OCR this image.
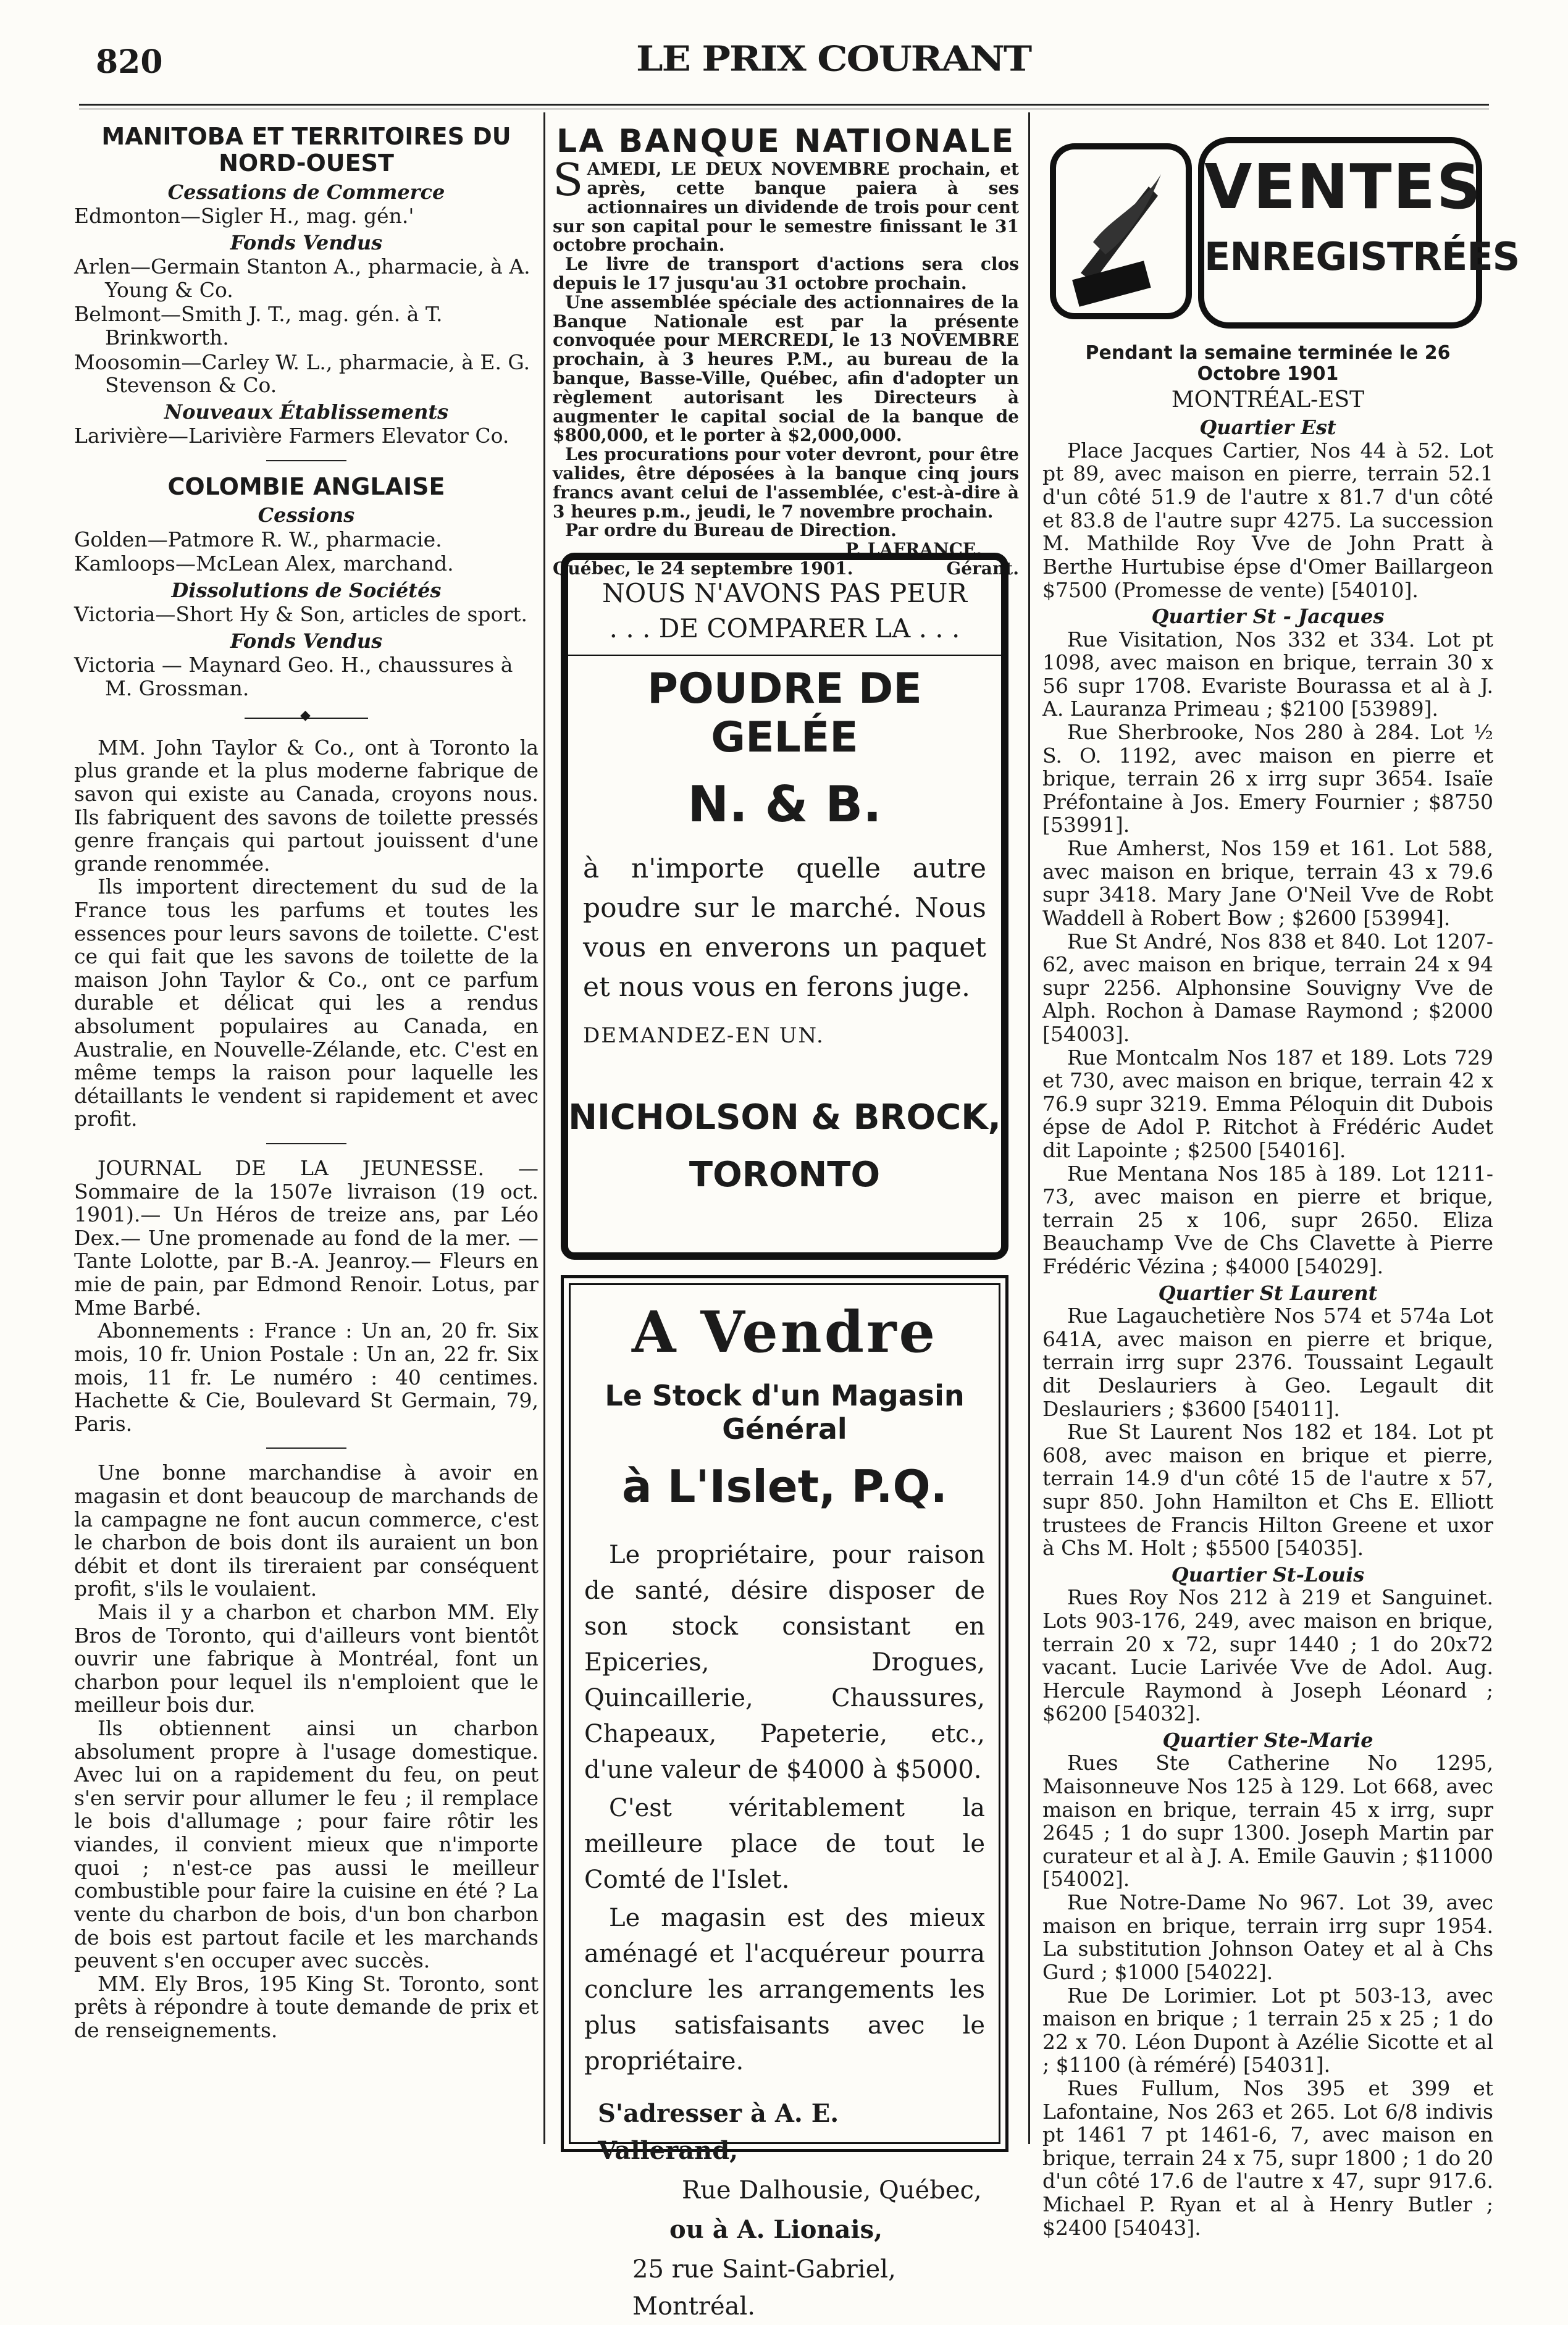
820	LE PRIX COURANT
MANITOBA ET TERRITOIRES DU
NORD-OUEST
Cessations de Commerce
Edmonton—Sigler H., mag. gén.'
Fonds Vendus
Arlen—Germain Stanton A., pharmacie, à A. Young & Co.
Belmont—Smith J. T., mag. gén. à T. Brinkworth.
Moosomin—Carley W. L., pharmacie, à E. G. Stevenson & Co.
Nouveaux Établissements
Larivière—Larivière Farmers Elevator Co.
COLOMBIE ANGLAISE
Cessions
Golden—Patmore R. W., pharmacie.
Kamloops—McLean Alex, marchand.
Dissolutions de Sociétés
Victoria—Short Hy & Son, articles de sport.
Fonds Vendus
Victoria — Maynard Geo. H., chaussures à M. Grossman.
◆

MM. John Taylor & Co., ont à Toronto la plus grande et la plus moderne fabrique de savon qui existe au Canada, croyons nous. Ils fabriquent des savons de toilette pressés genre français qui partout jouissent d'une grande renommée.

Ils importent directement du sud de la France tous les parfums et toutes les essences pour leurs savons de toilette. C'est ce qui fait que les savons de toilette de la maison John Taylor & Co., ont ce parfum durable et délicat qui les a rendus absolument populaires au Canada, en Australie, en Nouvelle-Zélande, etc. C'est en même temps la raison pour laquelle les détaillants le vendent si rapidement et avec profit.

JOURNAL DE LA JEUNESSE. — Sommaire de la 1507e livraison (19 oct. 1901).— Un Héros de treize ans, par Léo Dex.— Une promenade au fond de la mer. — Tante Lolotte, par B.-A. Jeanroy.— Fleurs en mie de pain, par Edmond Renoir. Lotus, par Mme Barbé.

Abonnements : France : Un an, 20 fr. Six mois, 10 fr. Union Postale : Un an, 22 fr. Six mois, 11 fr. Le numéro : 40 centimes. Hachette & Cie, Boulevard St Germain, 79, Paris.

Une bonne marchandise à avoir en magasin et dont beaucoup de marchands de la campagne ne font aucun commerce, c'est le charbon de bois dont ils auraient un bon débit et dont ils tireraient par conséquent profit, s'ils le voulaient.

Mais il y a charbon et charbon MM. Ely Bros de Toronto, qui d'ailleurs vont bientôt ouvrir une fabrique à Montréal, font un charbon pour lequel ils n'emploient que le meilleur bois dur.

Ils obtiennent ainsi un charbon absolument propre à l'usage domestique. Avec lui on a rapidement du feu, on peut s'en servir pour allumer le feu ; il remplace le bois d'allumage ; pour faire rôtir les viandes, il convient mieux que n'importe quoi ; n'est-ce pas aussi le meilleur combustible pour faire la cuisine en été ? La vente du charbon de bois, d'un bon charbon de bois est partout facile et les marchands peuvent s'en occuper avec succès.

MM. Ely Bros, 195 King St. Toronto, sont prêts à répondre à toute demande de prix et de renseignements.

LA BANQUE NATIONALE
S AMEDI, LE DEUX NOVEMBRE prochain, et après, cette banque paiera à ses actionnaires un dividende de trois pour cent sur son capital pour le semestre finissant le 31 octobre prochain.
Le livre de transport d'actions sera clos depuis le 17 jusqu'au 31 octobre prochain.
Une assemblée spéciale des actionnaires de la Banque Nationale est par la présente convoquée pour MERCREDI, le 13 NOVEMBRE prochain, à 3 heures P.M., au bureau de la banque, Basse-Ville, Québec, afin d'adopter un règlement autorisant les Directeurs à augmenter le capital social de la banque de $800,000, et le porter à $2,000,000.
Les procurations pour voter devront, pour être valides, être déposées à la banque cinq jours francs avant celui de l'assemblée, c'est-à-dire à 3 heures p.m., jeudi, le 7 novembre prochain.
Par ordre du Bureau de Direction.
P. LAFRANCE,
Québec, le 24 septembre 1901.	Gérant.
NOUS N'AVONS PAS PEUR
. . . DE COMPARER LA . . .
POUDRE DE GELÉE
N. & B.
à n'importe quelle autre poudre sur le marché. Nous vous en enverons un paquet et nous vous en ferons juge.
DEMANDEZ-EN UN.
NICHOLSON & BROCK,
TORONTO
A Vendre
Le Stock d'un Magasin Général
à L'Islet, P.Q.
Le propriétaire, pour raison de santé, désire disposer de son stock consistant en Epiceries, Drogues, Quincaillerie, Chaussures, Chapeaux, Papeterie, etc., d'une valeur de $4000 à $5000.
C'est véritablement la meilleure place de tout le Comté de l'Islet.
Le magasin est des mieux aménagé et l'acquéreur pourra conclure les arrangements les plus satisfaisants avec le propriétaire.
S'adresser à A. E. Vallerand,
Rue Dalhousie, Québec,
ou à A. Lionais,
25 rue Saint-Gabriel, Montréal.
VENTES
ENREGISTRÉES
Pendant la semaine terminée le 26 Octobre 1901
MONTRÉAL-EST
Quartier Est

Place Jacques Cartier, Nos 44 à 52. Lot pt 89, avec maison en pierre, terrain 52.1 d'un côté 51.9 de l'autre x 81.7 d'un côté et 83.8 de l'autre supr 4275. La succession M. Mathilde Roy Vve de John Pratt à Berthe Hurtubise épse d'Omer Baillargeon $7500 (Promesse de vente) [54010].

Quartier St - Jacques

Rue Visitation, Nos 332 et 334. Lot pt 1098, avec maison en brique, terrain 30 x 56 supr 1708. Evariste Bourassa et al à J. A. Lauranza Primeau ; $2100 [53989].

Rue Sherbrooke, Nos 280 à 284. Lot ½ S. O. 1192, avec maison en pierre et brique, terrain 26 x irrg supr 3654. Isaïe Préfontaine à Jos. Emery Fournier ; $8750 [53991].

Rue Amherst, Nos 159 et 161. Lot 588, avec maison en brique, terrain 43 x 79.6 supr 3418. Mary Jane O'Neil Vve de Robt Waddell à Robert Bow ; $2600 [53994].

Rue St André, Nos 838 et 840. Lot 1207-62, avec maison en brique, terrain 24 x 94 supr 2256. Alphonsine Souvigny Vve de Alph. Rochon à Damase Raymond ; $2000 [54003].

Rue Montcalm Nos 187 et 189. Lots 729 et 730, avec maison en brique, terrain 42 x 76.9 supr 3219. Emma Péloquin dit Dubois épse de Adol P. Ritchot à Frédéric Audet dit Lapointe ; $2500 [54016].

Rue Mentana Nos 185 à 189. Lot 1211-73, avec maison en pierre et brique, terrain 25 x 106, supr 2650. Eliza Beauchamp Vve de Chs Clavette à Pierre Frédéric Vézina ; $4000 [54029].

Quartier St Laurent

Rue Lagauchetière Nos 574 et 574a Lot 641A, avec maison en pierre et brique, terrain irrg supr 2376. Toussaint Legault dit Deslauriers à Geo. Legault dit Deslauriers ; $3600 [54011].

Rue St Laurent Nos 182 et 184. Lot pt 608, avec maison en brique et pierre, terrain 14.9 d'un côté 15 de l'autre x 57, supr 850. John Hamilton et Chs E. Elliott trustees de Francis Hilton Greene et uxor à Chs M. Holt ; $5500 [54035].

Quartier St-Louis

Rues Roy Nos 212 à 219 et Sanguinet. Lots 903-176, 249, avec maison en brique, terrain 20 x 72, supr 1440 ; 1 do 20x72 vacant. Lucie Larivée Vve de Adol. Aug. Hercule Raymond à Joseph Léonard ; $6200 [54032].

Quartier Ste-Marie

Rues Ste Catherine No 1295, Maisonneuve Nos 125 à 129. Lot 668, avec maison en brique, terrain 45 x irrg, supr 2645 ; 1 do supr 1300. Joseph Martin par curateur et al à J. A. Emile Gauvin ; $11000 [54002].

Rue Notre-Dame No 967. Lot 39, avec maison en brique, terrain irrg supr 1954. La substitution Johnson Oatey et al à Chs Gurd ; $1000 [54022].

Rue De Lorimier. Lot pt 503-13, avec maison en brique ; 1 terrain 25 x 25 ; 1 do 22 x 70. Léon Dupont à Azélie Sicotte et al ; $1100 (à réméré) [54031].

Rues Fullum, Nos 395 et 399 et Lafontaine, Nos 263 et 265. Lot 6/8 indivis pt 1461 7 pt 1461-6, 7, avec maison en brique, terrain 24 x 75, supr 1800 ; 1 do 20 d'un côté 17.6 de l'autre x 47, supr 917.6. Michael P. Ryan et al à Henry Butler ; $2400 [54043].
